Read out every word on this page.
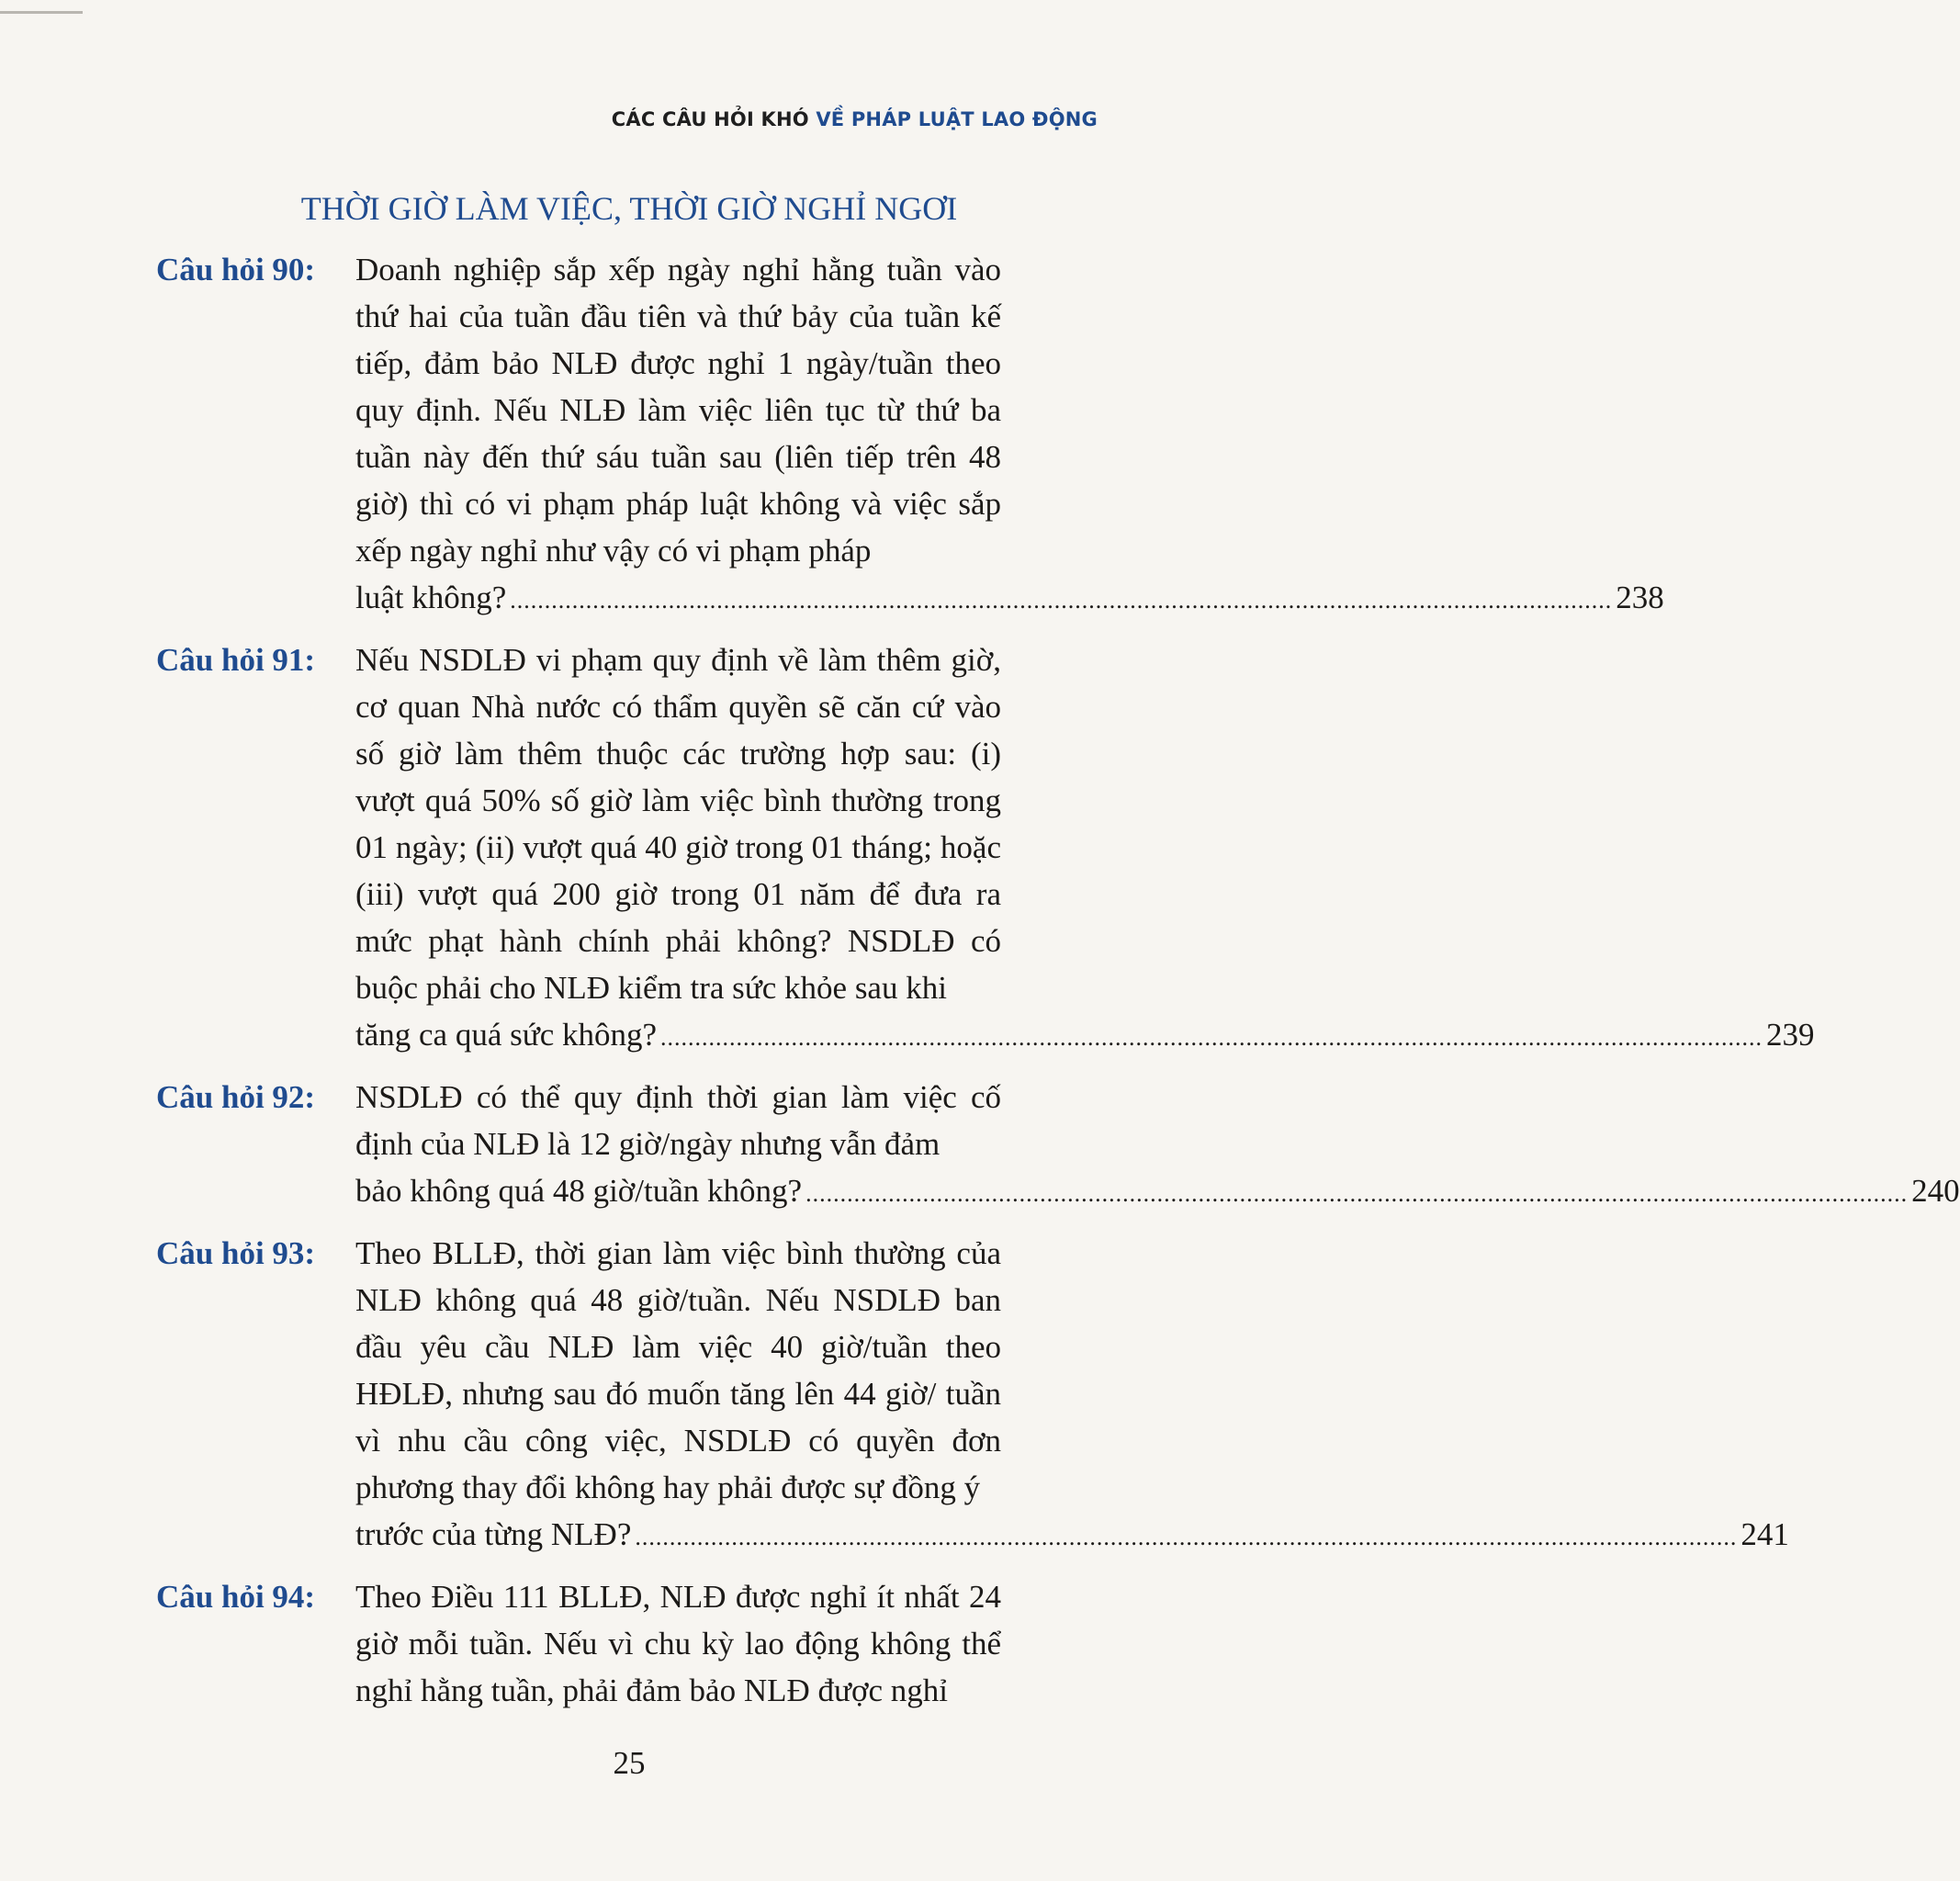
CÁC CÂU HỎI KHÓ VỀ PHÁP LUẬT LAO ĐỘNG
THỜI GIỜ LÀM VIỆC, THỜI GIỜ NGHỈ NGƠI
Câu hỏi 90: Doanh nghiệp sắp xếp ngày nghỉ hằng tuần vào thứ hai của tuần đầu tiên và thứ bảy của tuần kế tiếp, đảm bảo NLĐ được nghỉ 1 ngày/tuần theo quy định. Nếu NLĐ làm việc liên tục từ thứ ba tuần này đến thứ sáu tuần sau (liên tiếp trên 48 giờ) thì có vi phạm pháp luật không và việc sắp xếp ngày nghỉ như vậy có vi phạm pháp
luật không? ................................................................................................................................................................ 238
Câu hỏi 91: Nếu NSDLĐ vi phạm quy định về làm thêm giờ, cơ quan Nhà nước có thẩm quyền sẽ căn cứ vào số giờ làm thêm thuộc các trường hợp sau: (i) vượt quá 50% số giờ làm việc bình thường trong 01 ngày; (ii) vượt quá 40 giờ trong 01 tháng; hoặc (iii) vượt quá 200 giờ trong 01 năm để đưa ra mức phạt hành chính phải không? NSDLĐ có buộc phải cho NLĐ kiểm tra sức khỏe sau khi
tăng ca quá sức không? ................................................................................................................................................................ 239
Câu hỏi 92: NSDLĐ có thể quy định thời gian làm việc cố định của NLĐ là 12 giờ/ngày nhưng vẫn đảm
bảo không quá 48 giờ/tuần không? ................................................................................................................................................................ 240
Câu hỏi 93: Theo BLLĐ, thời gian làm việc bình thường của NLĐ không quá 48 giờ/tuần. Nếu NSDLĐ ban đầu yêu cầu NLĐ làm việc 40 giờ/tuần theo HĐLĐ, nhưng sau đó muốn tăng lên 44 giờ/ tuần vì nhu cầu công việc, NSDLĐ có quyền đơn phương thay đổi không hay phải được sự đồng ý
trước của từng NLĐ? ................................................................................................................................................................ 241
Câu hỏi 94: Theo Điều 111 BLLĐ, NLĐ được nghỉ ít nhất 24 giờ mỗi tuần. Nếu vì chu kỳ lao động không thể nghỉ hằng tuần, phải đảm bảo NLĐ được nghỉ
25
